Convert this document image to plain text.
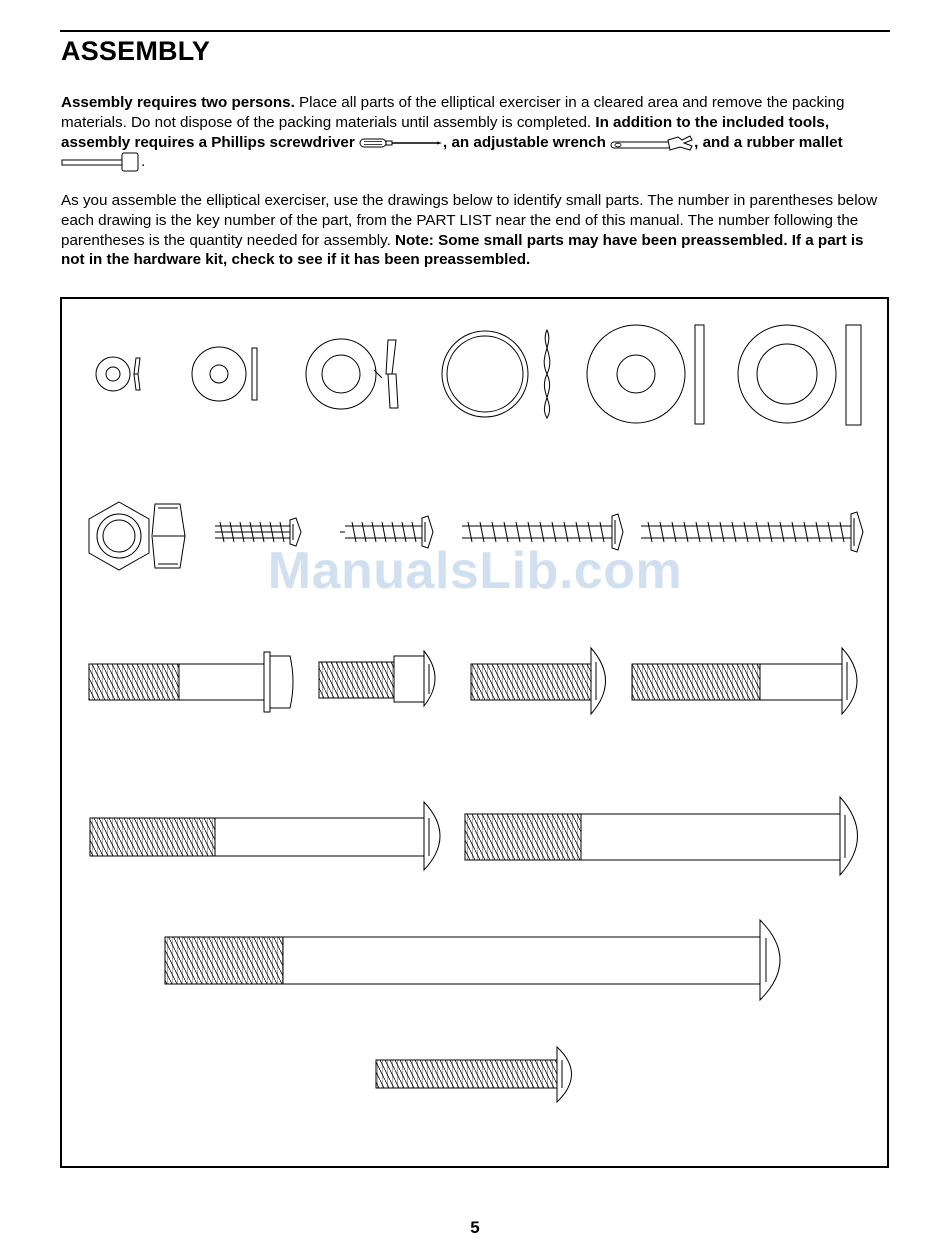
ASSEMBLY

Assembly requires two persons. Place all parts of the elliptical exerciser in a cleared area and remove the packing materials. Do not dispose of the packing materials until assembly is completed. In addition to the included tools, assembly requires a Phillips screwdriver	, an adjustable wrench	, and a rubber mallet .

As you assemble the elliptical exerciser, use the drawings below to identify small parts. The number in parentheses below each drawing is the key number of the part, from the PART LIST near the end of this manual. The number following the parentheses is the quantity needed for assembly. Note: Some small parts may have been preassembled. If a part is not in the hardware kit, check to see if it has been preassembled.

ManualsLib.com
5
